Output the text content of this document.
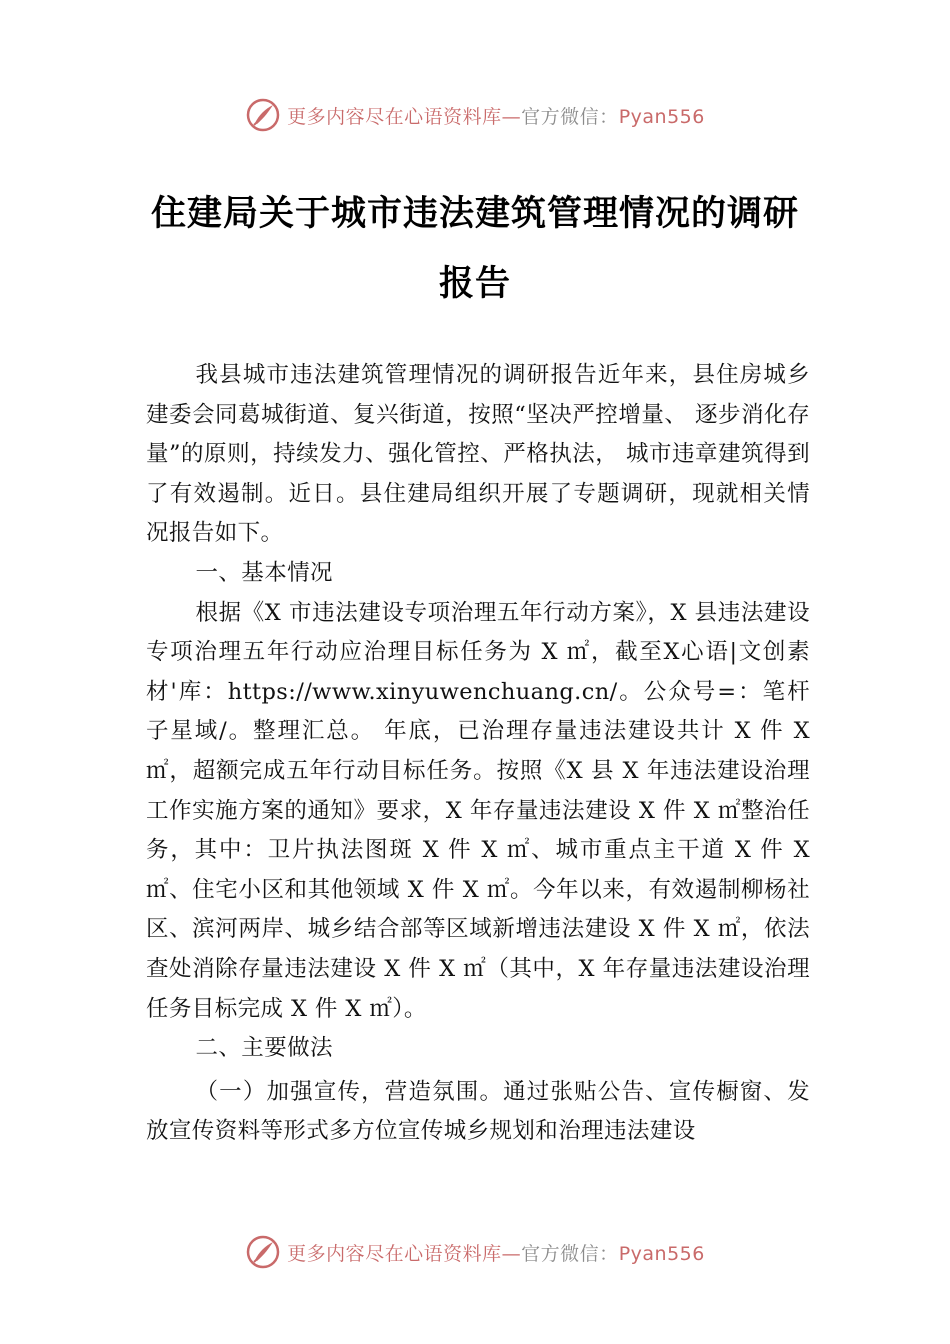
更多内容尽在心语资料库—官方微信：Pyan556
住建局关于城市违法建筑管理情况的调研
报告

我县城市违法建筑管理情况的调研报告近年来，县住房城乡建委会同葛城街道、复兴街道，按照“坚决严控增量、 逐步消化存量”的原则，持续发力、强化管控、严格执法， 城市违章建筑得到了有效遏制。近日。县住建局组织开展了专题调研，现就相关情况报告如下。

一、基本情况

根据《X 市违法建设专项治理五年行动方案》，X 县违法建设专项治理五年行动应治理目标任务为 X ㎡，截至X心语|文创素材'库：https://www.xinyuwenchuang.cn/。公众号=：笔杆子星域/。整理汇总。 年底，已治理存量违法建设共计 X 件 X ㎡，超额完成五年行动目标任务。按照《X 县 X 年违法建设治理工作实施方案的通知》要求，X 年存量违法建设 X 件 X ㎡整治任务，其中：卫片执法图斑 X 件 X ㎡、城市重点主干道 X 件 X ㎡、住宅小区和其他领域 X 件 X ㎡。今年以来，有效遏制柳杨社区、滨河两岸、城乡结合部等区域新增违法建设 X 件 X ㎡，依法查处消除存量违法建设 X 件 X ㎡（其中，X 年存量违法建设治理任务目标完成 X 件 X ㎡）。

二、主要做法

（一）加强宣传，营造氛围。通过张贴公告、宣传橱窗、发放宣传资料等形式多方位宣传城乡规划和治理违法建设

更多内容尽在心语资料库—官方微信：Pyan556
